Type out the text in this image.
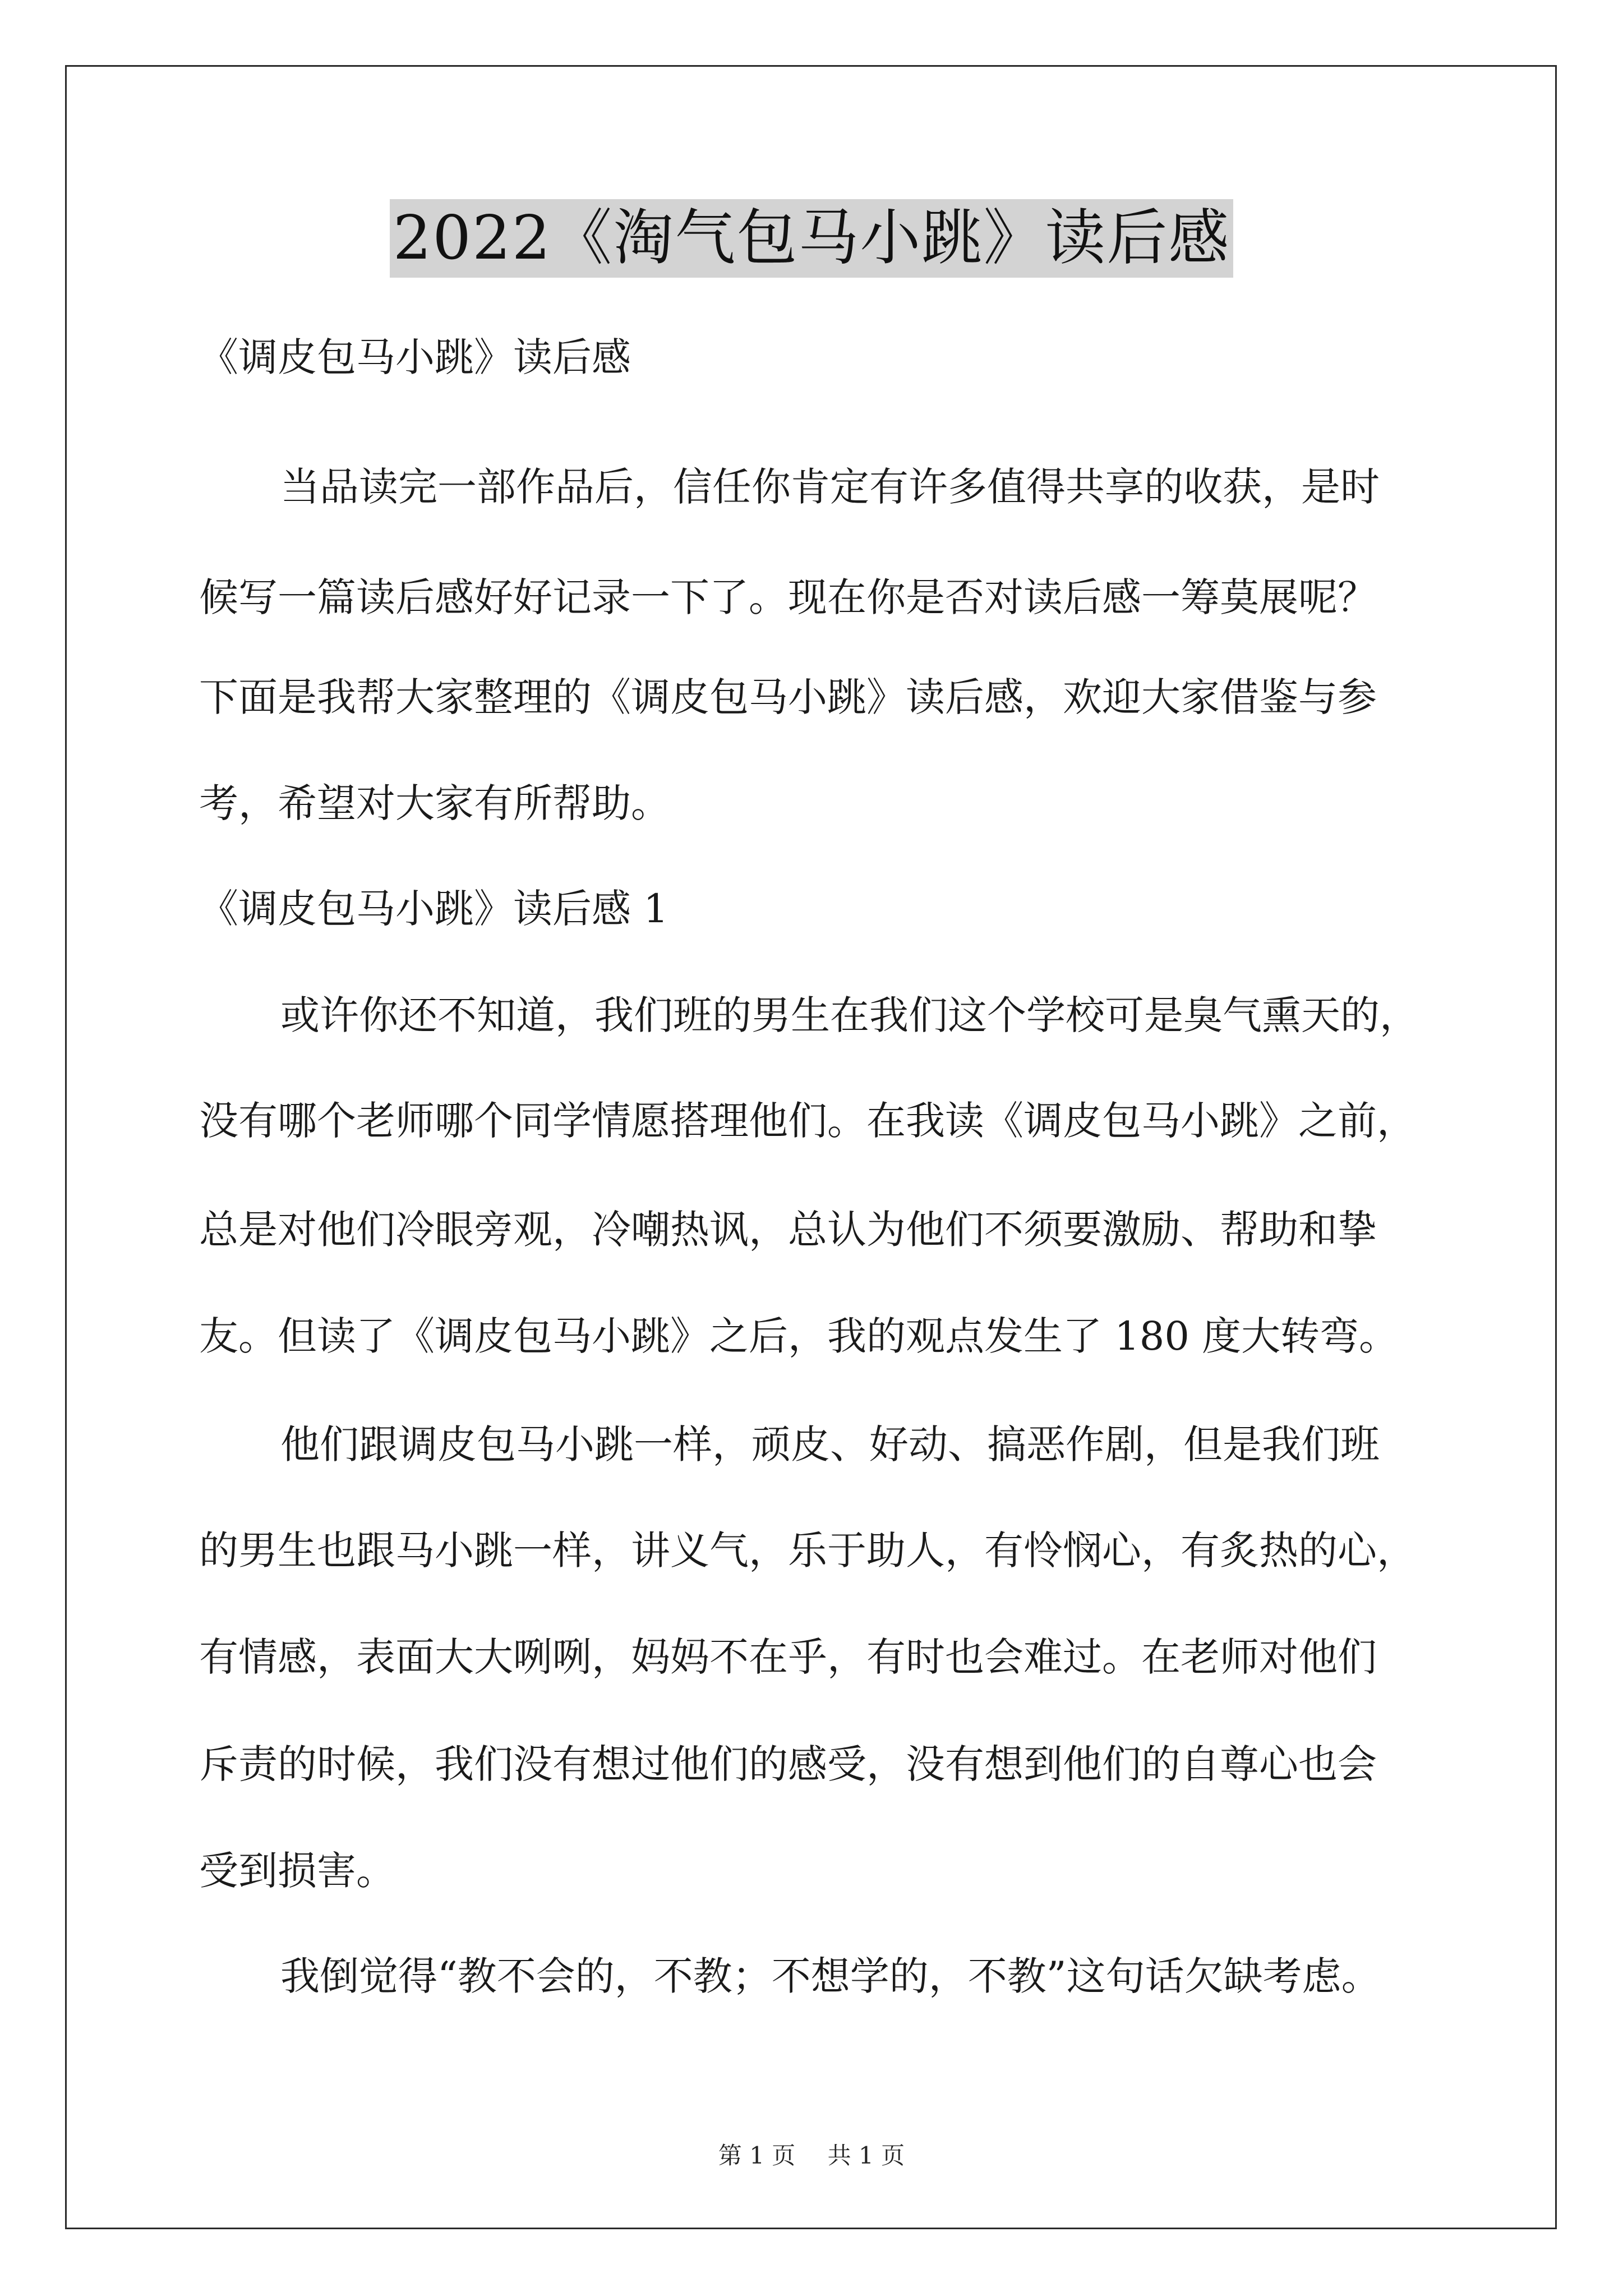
2022《淘气包马小跳》读后感
《调皮包马小跳》读后感
当品读完一部作品后，信任你肯定有许多值得共享的收获，是时
候写一篇读后感好好记录一下了。现在你是否对读后感一筹莫展呢？
下面是我帮大家整理的《调皮包马小跳》读后感，欢迎大家借鉴与参
考，希望对大家有所帮助。
《调皮包马小跳》读后感 1
或许你还不知道，我们班的男生在我们这个学校可是臭气熏天的，
没有哪个老师哪个同学情愿搭理他们。在我读《调皮包马小跳》之前，
总是对他们冷眼旁观，冷嘲热讽，总认为他们不须要激励、帮助和挚
友。但读了《调皮包马小跳》之后，我的观点发生了 180 度大转弯。
他们跟调皮包马小跳一样，顽皮、好动、搞恶作剧，但是我们班
的男生也跟马小跳一样，讲义气，乐于助人，有怜悯心，有炙热的心，
有情感，表面大大咧咧，妈妈不在乎，有时也会难过。在老师对他们
斥责的时候，我们没有想过他们的感受，没有想到他们的自尊心也会
受到损害。
我倒觉得“教不会的，不教；不想学的，不教”这句话欠缺考虑。
第 1 页 共 1 页
